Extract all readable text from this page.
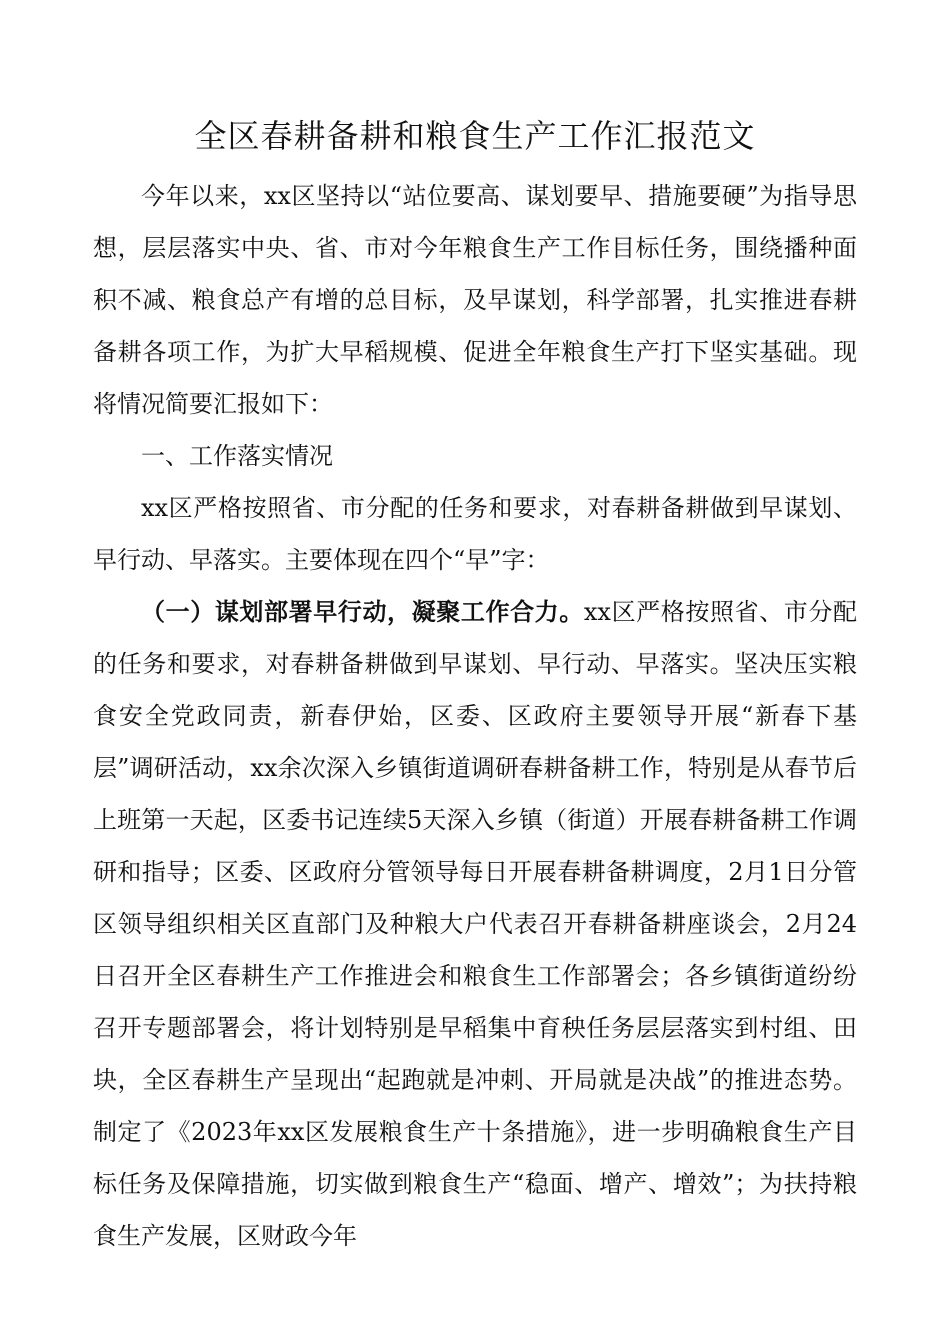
全区春耕备耕和粮食生产工作汇报范文

今年以来，xx区坚持以“站位要高、谋划要早、措施要硬”为指导思想，层层落实中央、省、市对今年粮食生产工作目标任务，围绕播种面积不减、粮食总产有增的总目标，及早谋划，科学部署，扎实推进春耕备耕各项工作，为扩大早稻规模、促进全年粮食生产打下坚实基础。现将情况简要汇报如下：

一、工作落实情况

xx区严格按照省、市分配的任务和要求，对春耕备耕做到早谋划、早行动、早落实。主要体现在四个“早”字：

（一）谋划部署早行动，凝聚工作合力。xx区严格按照省、市分配的任务和要求，对春耕备耕做到早谋划、早行动、早落实。坚决压实粮食安全党政同责，新春伊始，区委、区政府主要领导开展“新春下基层”调研活动，xx余次深入乡镇街道调研春耕备耕工作，特别是从春节后上班第一天起，区委书记连续5天深入乡镇（街道）开展春耕备耕工作调研和指导；区委、区政府分管领导每日开展春耕备耕调度，2月1日分管区领导组织相关区直部门及种粮大户代表召开春耕备耕座谈会，2月24日召开全区春耕生产工作推进会和粮食生工作部署会；各乡镇街道纷纷召开专题部署会，将计划特别是早稻集中育秧任务层层落实到村组、田块，全区春耕生产呈现出“起跑就是冲刺、开局就是决战”的推进态势。制定了《2023年xx区发展粮食生产十条措施》，进一步明确粮食生产目标任务及保障措施，切实做到粮食生产“稳面、增产、增效”；为扶持粮食生产发展，区财政今年
